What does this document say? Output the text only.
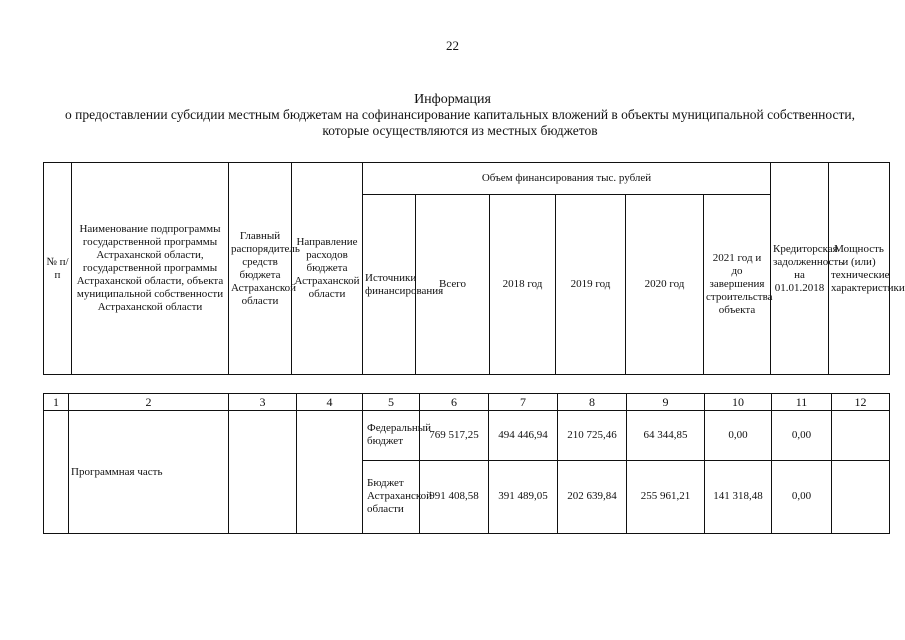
22
Информация
о предоставлении субсидии местным бюджетам на софинансирование капитальных вложений в объекты муниципальной собственности, которые осуществляются из местных бюджетов
№ п/п	Наименование подпрограммы государственной программы Астраханской области, государственной программы Астраханской области, объекта муниципальной собственности Астраханской области	Главный распорядитель средств бюджета Астраханской области	Направление расходов бюджета Астраханской области	Объем финансирования тыс. рублей						Кредиторская задолженность на 01.01.2018	Мощность и (или) технические характеристики
				Источники финансирования	Всего	2018 год	2019 год	2020 год	2021 год и до завершения строительства объекта		
1	2	3	4	5	6	7	8	9	10	11	12
	Программная часть			Федеральный бюджет	769 517,25	494 446,94	210 725,46	64 344,85	0,00	0,00	
				Бюджет Астраханской области	991 408,58	391 489,05	202 639,84	255 961,21	141 318,48	0,00	
